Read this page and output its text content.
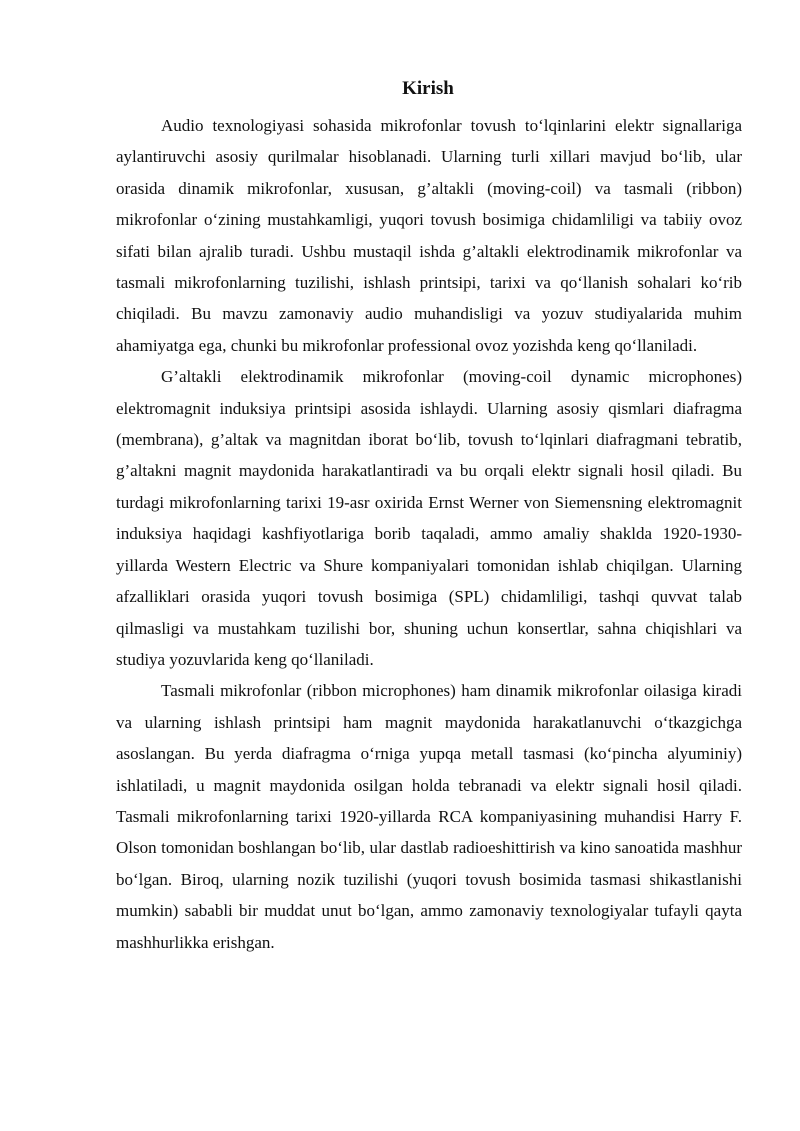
Kirish

Audio texnologiyasi sohasida mikrofonlar tovush to‘lqinlarini elektr signallariga aylantiruvchi asosiy qurilmalar hisoblanadi. Ularning turli xillari mavjud bo‘lib, ular orasida dinamik mikrofonlar, xususan, g’altakli (moving-coil) va tasmali (ribbon) mikrofonlar o‘zining mustahkamligi, yuqori tovush bosimiga chidamliligi va tabiiy ovoz sifati bilan ajralib turadi. Ushbu mustaqil ishda g’altakli elektrodinamik mikrofonlar va tasmali mikrofonlarning tuzilishi, ishlash printsipi, tarixi va qo‘llanish sohalari ko‘rib chiqiladi. Bu mavzu zamonaviy audio muhandisligi va yozuv studiyalarida muhim ahamiyatga ega, chunki bu mikrofonlar professional ovoz yozishda keng qo‘llaniladi.

G’altakli elektrodinamik mikrofonlar (moving-coil dynamic microphones) elektromagnit induksiya printsipi asosida ishlaydi. Ularning asosiy qismlari diafragma (membrana), g’altak va magnitdan iborat bo‘lib, tovush to‘lqinlari diafragmani tebratib, g’altakni magnit maydonida harakatlantiradi va bu orqali elektr signali hosil qiladi. Bu turdagi mikrofonlarning tarixi 19-asr oxirida Ernst Werner von Siemensning elektromagnit induksiya haqidagi kashfiyotlariga borib taqaladi, ammo amaliy shaklda 1920-1930-yillarda Western Electric va Shure kompaniyalari tomonidan ishlab chiqilgan. Ularning afzalliklari orasida yuqori tovush bosimiga (SPL) chidamliligi, tashqi quvvat talab qilmasligi va mustahkam tuzilishi bor, shuning uchun konsertlar, sahna chiqishlari va studiya yozuvlarida keng qo‘llaniladi.

Tasmali mikrofonlar (ribbon microphones) ham dinamik mikrofonlar oilasiga kiradi va ularning ishlash printsipi ham magnit maydonida harakatlanuvchi o‘tkazgichga asoslangan. Bu yerda diafragma o‘rniga yupqa metall tasmasi (ko‘pincha alyuminiy) ishlatiladi, u magnit maydonida osilgan holda tebranadi va elektr signali hosil qiladi. Tasmali mikrofonlarning tarixi 1920-yillarda RCA kompaniyasining muhandisi Harry F. Olson tomonidan boshlangan bo‘lib, ular dastlab radioeshittirish va kino sanoatida mashhur bo‘lgan. Biroq, ularning nozik tuzilishi (yuqori tovush bosimida tasmasi shikastlanishi mumkin) sababli bir muddat unut bo‘lgan, ammo zamonaviy texnologiyalar tufayli qayta mashhurlikka erishgan.
